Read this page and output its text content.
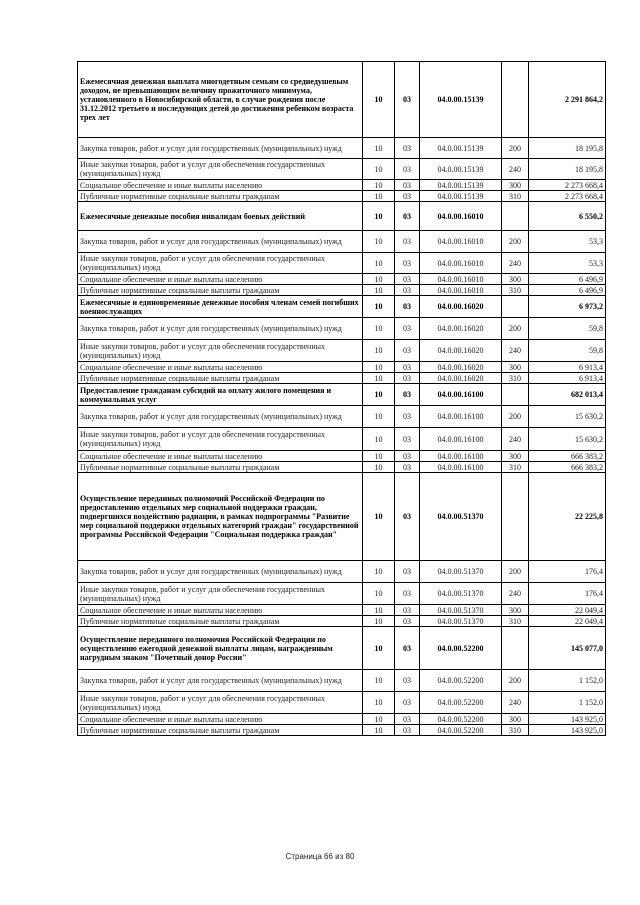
Ежемесячная денежная выплата многодетным семьям со среднедушевым доходом, не превышающим величину прожиточного минимума, установленного в Новосибирской области, в случае рождения после 31.12.2012 третьего и последующих детей до достижения ребенком возраста трех лет	10	03	04.0.00.15139		2 291 864,2
Закупка товаров, работ и услуг для государственных (муниципальных) нужд	10	03	04.0.00.15139	200	18 195,8
Иные закупки товаров, работ и услуг для обеспечения государственных (муниципальных) нужд	10	03	04.0.00.15139	240	18 195,8
Социальное обеспечение и иные выплаты населению	10	03	04.0.00.15139	300	2 273 668,4
Публичные нормативные социальные выплаты гражданам	10	03	04.0.00.15139	310	2 273 668,4
Ежемесячные денежные пособия инвалидам боевых действий	10	03	04.0.00.16010		6 550,2
Закупка товаров, работ и услуг для государственных (муниципальных) нужд	10	03	04.0.00.16010	200	53,3
Иные закупки товаров, работ и услуг для обеспечения государственных (муниципальных) нужд	10	03	04.0.00.16010	240	53,3
Социальное обеспечение и иные выплаты населению	10	03	04.0.00.16010	300	6 496,9
Публичные нормативные социальные выплаты гражданам	10	03	04.0.00.16010	310	6 496,9
Ежемесячные и единовременные денежные пособия членам семей погибших военнослужащих	10	03	04.0.00.16020		6 973,2
Закупка товаров, работ и услуг для государственных (муниципальных) нужд	10	03	04.0.00.16020	200	59,8
Иные закупки товаров, работ и услуг для обеспечения государственных (муниципальных) нужд	10	03	04.0.00.16020	240	59,8
Социальное обеспечение и иные выплаты населению	10	03	04.0.00.16020	300	6 913,4
Публичные нормативные социальные выплаты гражданам	10	03	04.0.00.16020	310	6 913,4
Предоставление гражданам субсидий на оплату жилого помещения и коммунальных услуг	10	03	04.0.00.16100		682 013,4
Закупка товаров, работ и услуг для государственных (муниципальных) нужд	10	03	04.0.00.16100	200	15 630,2
Иные закупки товаров, работ и услуг для обеспечения государственных (муниципальных) нужд	10	03	04.0.00.16100	240	15 630,2
Социальное обеспечение и иные выплаты населению	10	03	04.0.00.16100	300	666 383,2
Публичные нормативные социальные выплаты гражданам	10	03	04.0.00.16100	310	666 383,2
Осуществление переданных полномочий Российской Федерации по предоставлению отдельных мер социальной поддержки граждан, подвергшихся воздействию радиации, в рамках подпрограммы "Развитие мер социальной поддержки отдельных категорий граждан" государственной программы Российской Федерации "Социальная поддержка граждан"	10	03	04.0.00.51370		22 225,8
Закупка товаров, работ и услуг для государственных (муниципальных) нужд	10	03	04.0.00.51370	200	176,4
Иные закупки товаров, работ и услуг для обеспечения государственных (муниципальных) нужд	10	03	04.0.00.51370	240	176,4
Социальное обеспечение и иные выплаты населению	10	03	04.0.00.51370	300	22 049,4
Публичные нормативные социальные выплаты гражданам	10	03	04.0.00.51370	310	22 049,4
Осуществление переданного полномочия Российской Федерации по осуществлению ежегодной денежной выплаты лицам, награжденным нагрудным знаком "Почетный донор России"	10	03	04.0.00.52200		145 077,0
Закупка товаров, работ и услуг для государственных (муниципальных) нужд	10	03	04.0.00.52200	200	1 152,0
Иные закупки товаров, работ и услуг для обеспечения государственных (муниципальных) нужд	10	03	04.0.00.52200	240	1 152,0
Социальное обеспечение и иные выплаты населению	10	03	04.0.00.52200	300	143 925,0
Публичные нормативные социальные выплаты гражданам	10	03	04.0.00.52200	310	143 925,0
Страница 66 из 80
